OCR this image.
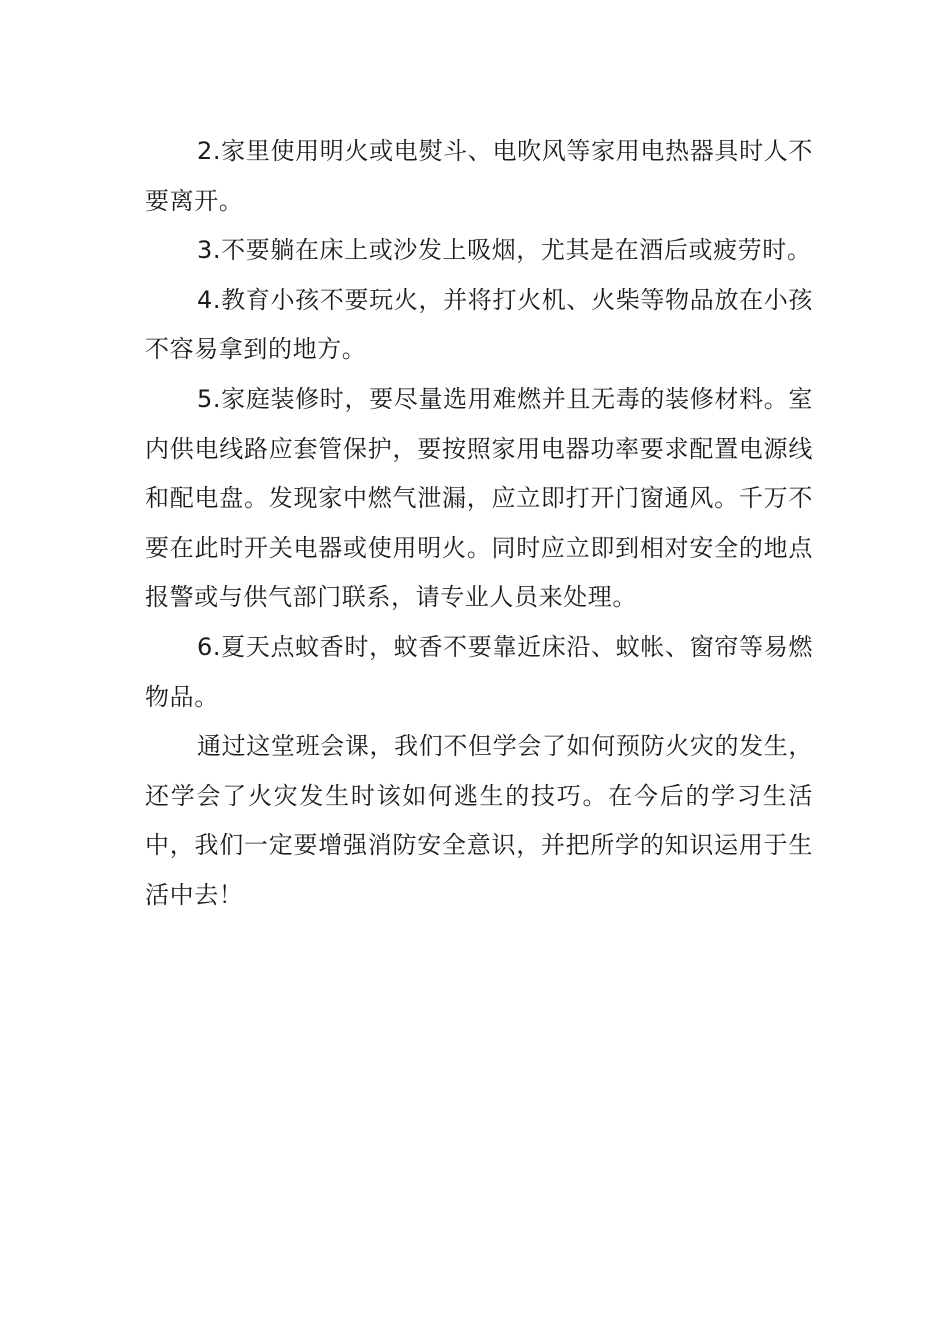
2.家里使用明火或电熨斗、电吹风等家用电热器具时人不要离开。

3.不要躺在床上或沙发上吸烟，尤其是在酒后或疲劳时。

4.教育小孩不要玩火，并将打火机、火柴等物品放在小孩不容易拿到的地方。

5.家庭装修时，要尽量选用难燃并且无毒的装修材料。室内供电线路应套管保护，要按照家用电器功率要求配置电源线和配电盘。发现家中燃气泄漏，应立即打开门窗通风。千万不要在此时开关电器或使用明火。同时应立即到相对安全的地点报警或与供气部门联系，请专业人员来处理。

6.夏天点蚊香时，蚊香不要靠近床沿、蚊帐、窗帘等易燃物品。

通过这堂班会课，我们不但学会了如何预防火灾的发生，还学会了火灾发生时该如何逃生的技巧。在今后的学习生活中，我们一定要增强消防安全意识，并把所学的知识运用于生活中去！
